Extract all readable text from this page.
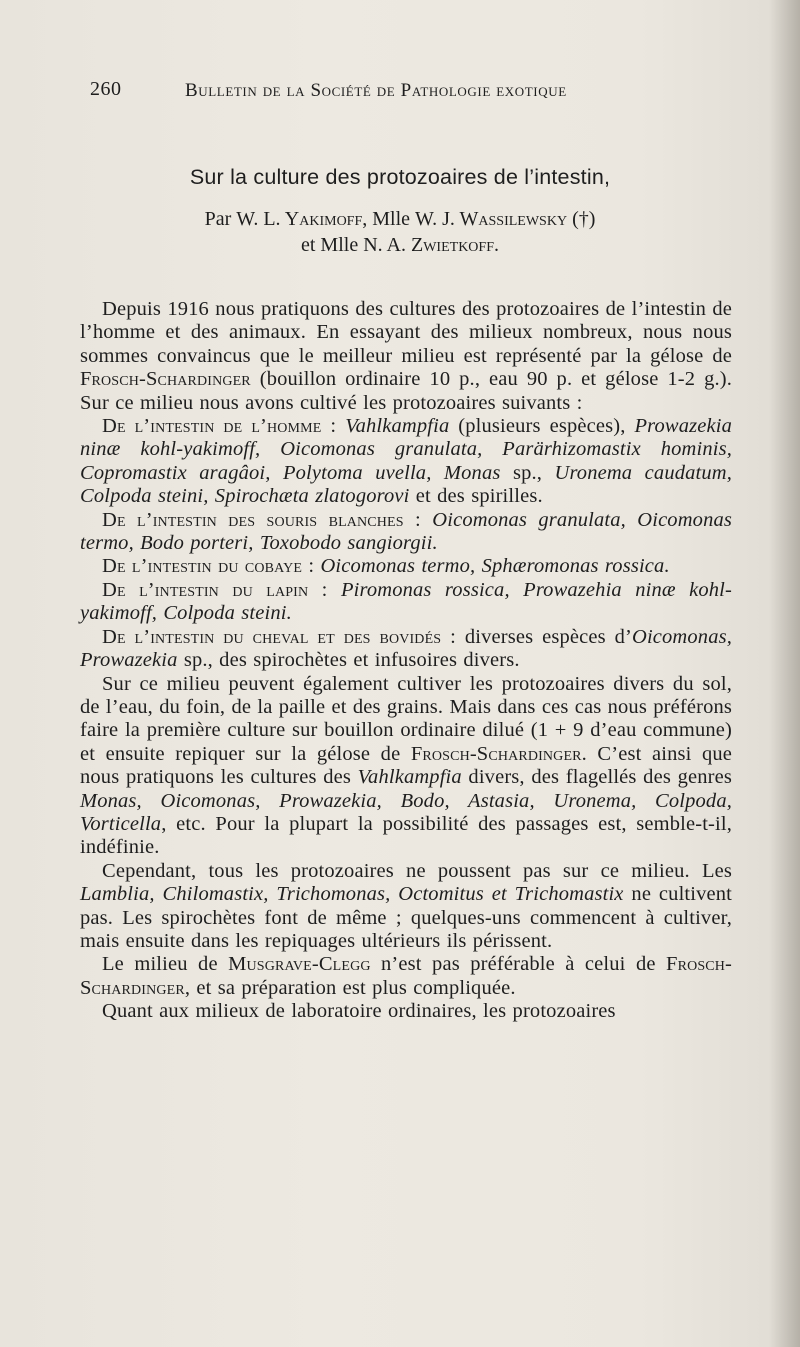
260	Bulletin de la Société de Pathologie exotique
Sur la culture des protozoaires de l’intestin,
Par W. L. Yakimoff, Mlle W. J. Wassilewsky (†)
et Mlle N. A. Zwietkoff.

Depuis 1916 nous pratiquons des cultures des protozoaires de l’intestin de l’homme et des animaux. En essayant des milieux nombreux, nous nous sommes convaincus que le meilleur milieu est représenté par la gélose de Frosch-Schardinger (bouillon ordinaire 10 p., eau 90 p. et gélose 1-2 g.). Sur ce milieu nous avons cultivé les protozoaires suivants :

De l’intestin de l’homme : Vahlkampfia (plusieurs espèces), Prowazekia ninæ kohl-yakimoff, Oicomonas granulata, Parärhizomastix hominis, Copromastix aragâoi, Polytoma uvella, Monas sp., Uronema caudatum, Colpoda steini, Spirochæta zlatogorovi et des spirilles.

De l’intestin des souris blanches : Oicomonas granulata, Oicomonas termo, Bodo porteri, Toxobodo sangiorgii.

De l’intestin du cobaye : Oicomonas termo, Sphæromonas rossica.

De l’intestin du lapin : Piromonas rossica, Prowazehia ninæ kohl-yakimoff, Colpoda steini.

De l’intestin du cheval et des bovidés : diverses espèces d’Oicomonas, Prowazekia sp., des spirochètes et infusoires divers.

Sur ce milieu peuvent également cultiver les protozoaires divers du sol, de l’eau, du foin, de la paille et des grains. Mais dans ces cas nous préférons faire la première culture sur bouillon ordinaire dilué (1 + 9 d’eau commune) et ensuite repiquer sur la gélose de Frosch-Schardinger. C’est ainsi que nous pratiquons les cultures des Vahlkampfia divers, des flagellés des genres Monas, Oicomonas, Prowazekia, Bodo, Astasia, Uronema, Colpoda, Vorticella, etc. Pour la plupart la possibilité des passages est, semble-t-il, indéfinie.

Cependant, tous les protozoaires ne poussent pas sur ce milieu. Les Lamblia, Chilomastix, Trichomonas, Octomitus et Trichomastix ne cultivent pas. Les spirochètes font de même ; quelques-uns commencent à cultiver, mais ensuite dans les repiquages ultérieurs ils périssent.

Le milieu de Musgrave-Clegg n’est pas préférable à celui de Frosch-Schardinger, et sa préparation est plus compliquée.

Quant aux milieux de laboratoire ordinaires, les protozoaires
